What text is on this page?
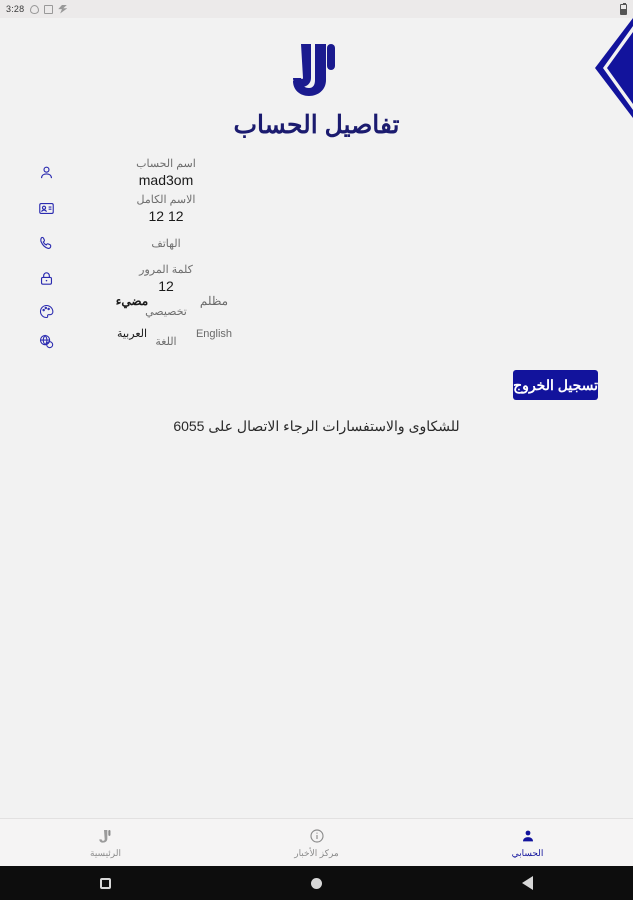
3:28
تفاصيل الحساب
اسم الحساب
mad3om
الاسم الكامل
12 12
الهاتف

كلمة المرور
12
تخصيصي
مضيء	مظلم
اللغة
العربية	English
تسجيل الخروج
للشكاوى والاستفسارات الرجاء الاتصال على 6055
الرئيسية	مركز الأخبار	الحسابي
